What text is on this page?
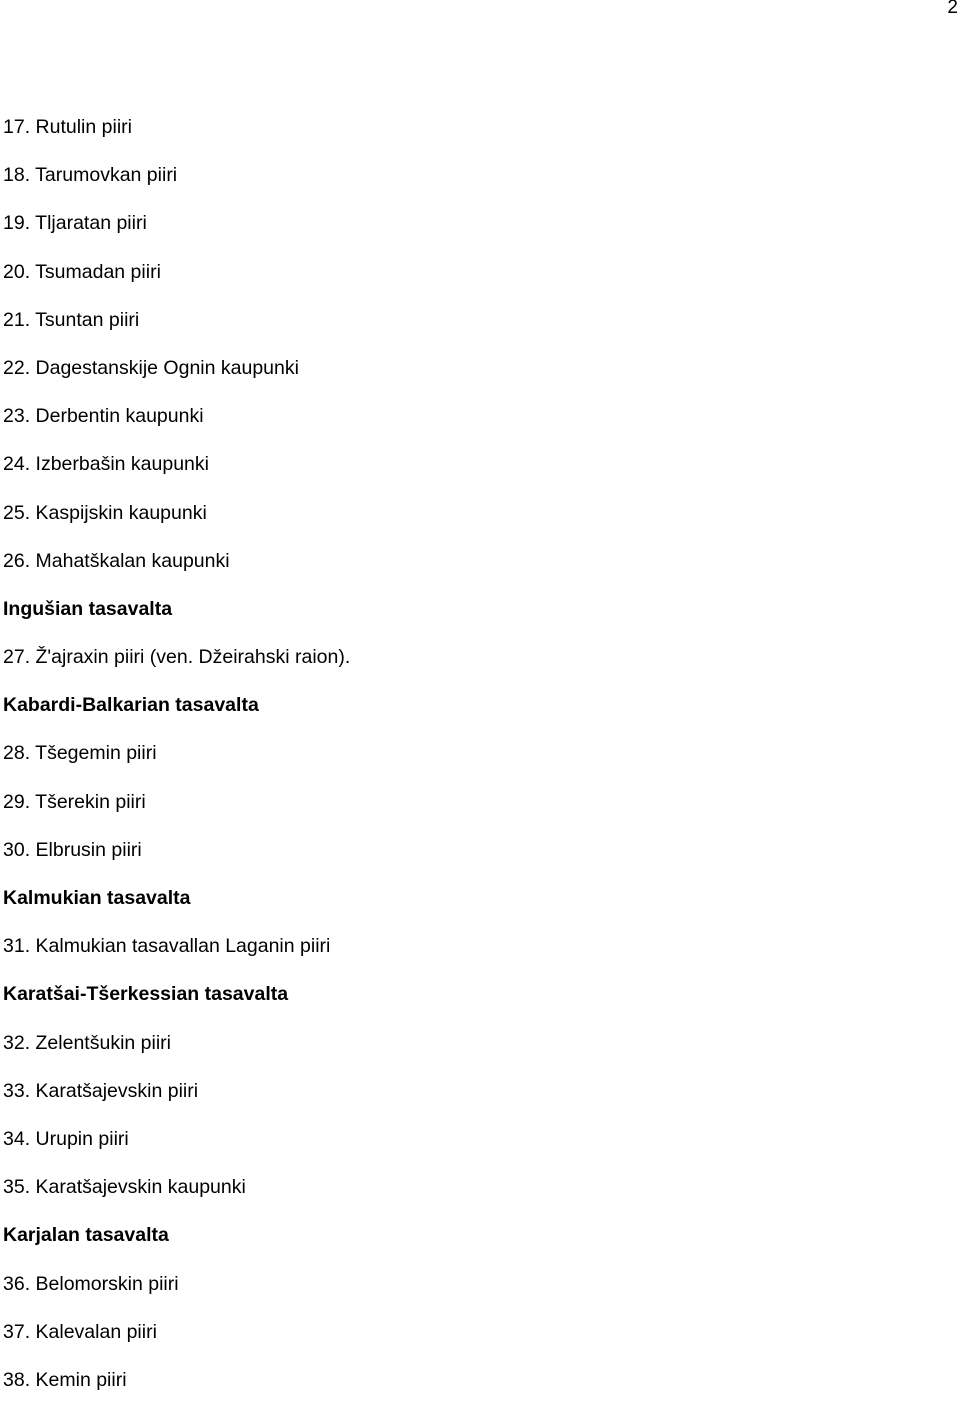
2
17. Rutulin piiri
18. Tarumovkan piiri
19. Tljaratan piiri
20. Tsumadan piiri
21. Tsuntan piiri
22. Dagestanskije Ognin kaupunki
23. Derbentin kaupunki
24. Izberbašin kaupunki
25. Kaspijskin kaupunki
26. Mahatškalan kaupunki
Ingušian tasavalta
27. Ž'ajraxin piiri (ven. Džeirahski raion).
Kabardi-Balkarian tasavalta
28. Tšegemin piiri
29. Tšerekin piiri
30. Elbrusin piiri
Kalmukian tasavalta
31. Kalmukian tasavallan Laganin piiri
Karatšai-Tšerkessian tasavalta
32. Zelentšukin piiri
33. Karatšajevskin piiri
34. Urupin piiri
35. Karatšajevskin kaupunki
Karjalan tasavalta
36. Belomorskin piiri
37. Kalevalan piiri
38. Kemin piiri
